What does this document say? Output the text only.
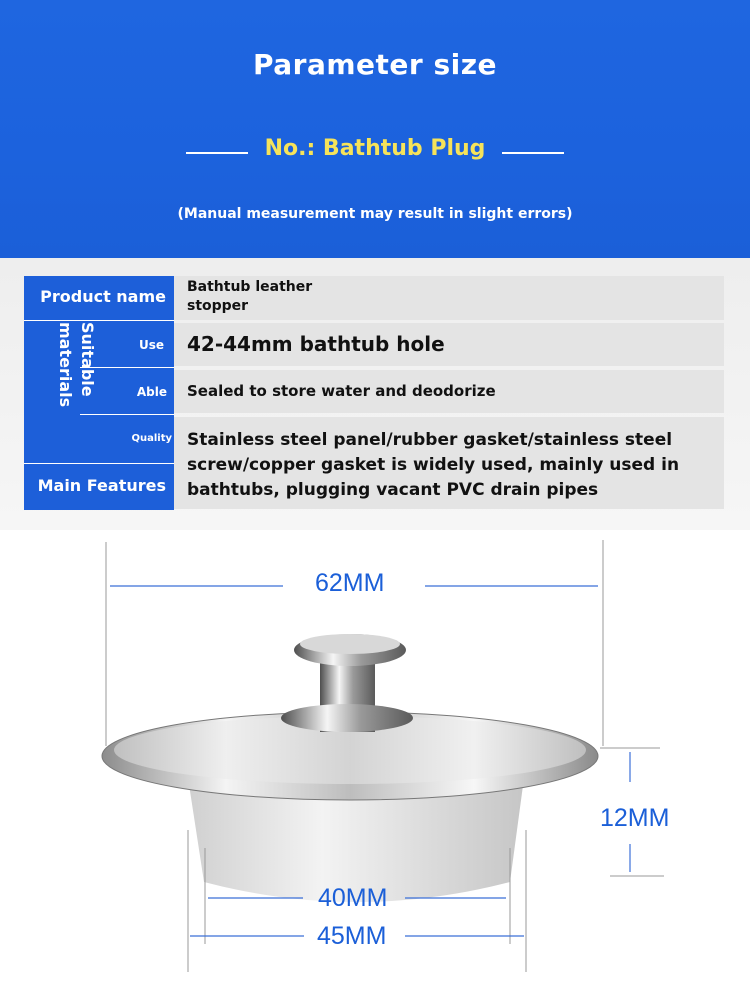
Parameter size
No.: Bathtub Plug
(Manual measurement may result in slight errors)
Product name
Use
Able
Quality
Main Features
Suitable
materials
Bathtub leather stopper
42-44mm bathtub hole
Sealed to store water and deodorize
Stainless steel panel/rubber gasket/stainless steel screw/copper gasket is widely used, mainly used in bathtubs, plugging vacant PVC drain pipes
62MM
12MM
40MM
45MM
